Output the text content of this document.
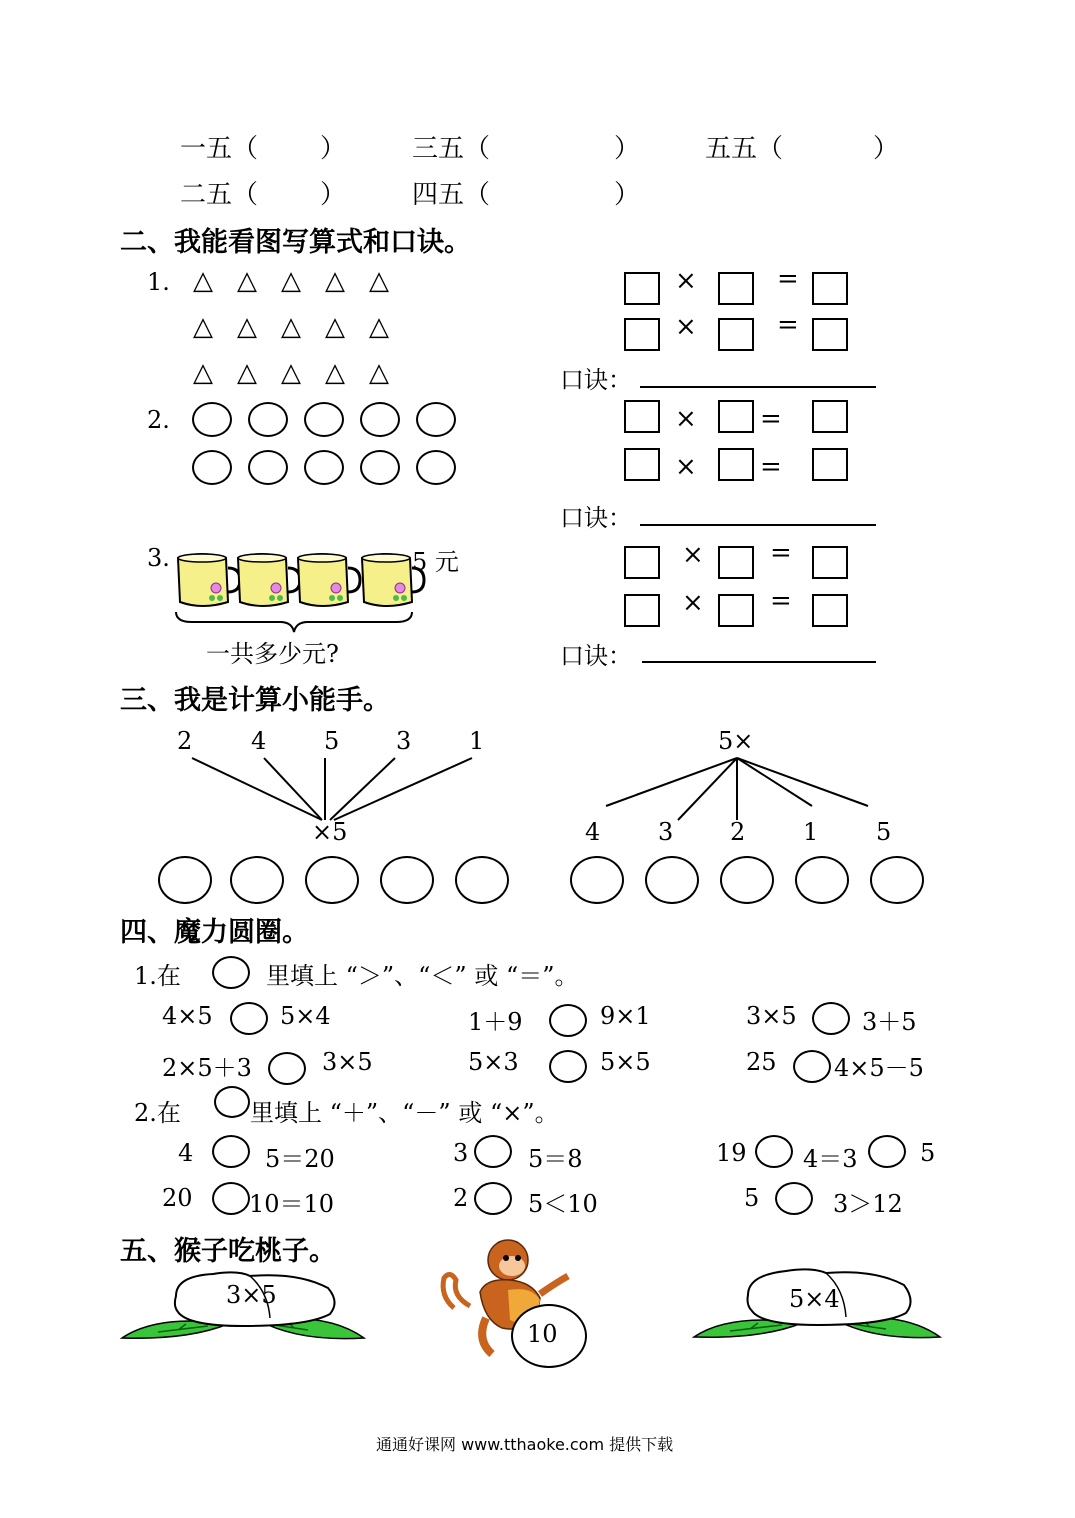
一五（ ）	三五（	） 五五（	）
二五（ ）	四五（	）
二、我能看图写算式和口诀。
1. △ △ △ △ △
△ △ △ △ △
△ △ △ △ △
×	=
×	=
口诀：
2.	× =
× =
口诀：
3.	5 元
一共多少元?
×	=
×	=
口诀：
三、我是计算小能手。
2 4 5 3 1
×5
5×
4 3 2 1 5
四、魔力圆圈。
1.在	里填上 “＞”、“＜” 或 “＝”。
4×5	5×4	1＋9	9×1	3×5	3＋5
2×5＋3	3×5	5×3	5×5	25 4×5－5
2.在	里填上 “＋”、“－” 或 “×”。
4	5＝20	3 5＝8	19 4＝3	5
20 10＝10	2 5＜10	5	3＞12
五、猴子吃桃子。
3×5
10
5×4
通通好课网 www.tthaoke.com 提供下载
